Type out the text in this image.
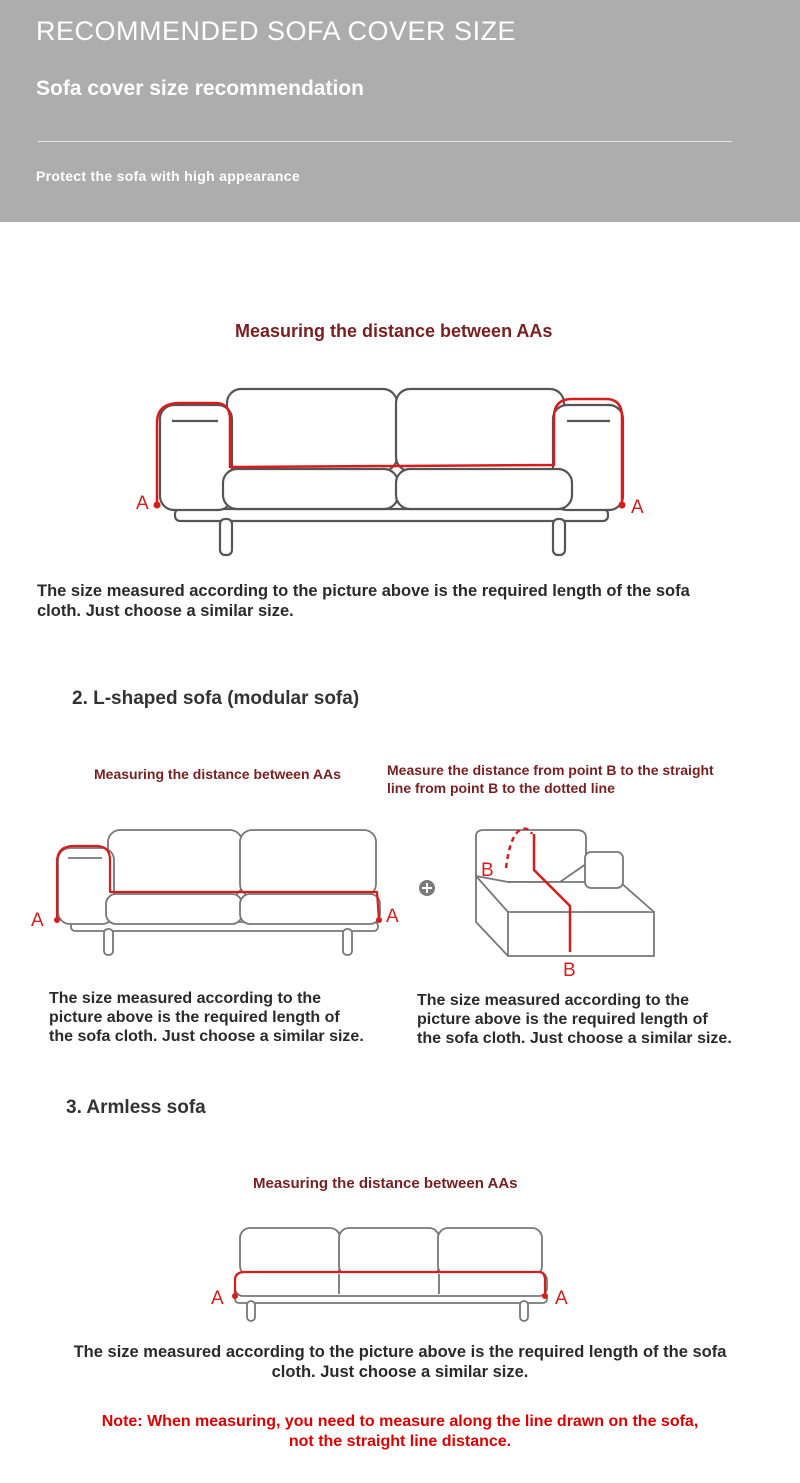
RECOMMENDED SOFA COVER SIZE
Sofa cover size recommendation
Protect the sofa with high appearance
Measuring the distance between AAs
A	A
The size measured according to the picture above is the required length of the sofa
cloth. Just choose a similar size.
2. L-shaped sofa (modular sofa)
Measuring the distance between AAs	Measure the distance from point B to the straight
line from point B to the dotted line
A	A
B
B
The size measured according to the
picture above is the required length of
the sofa cloth. Just choose a similar size.
The size measured according to the
picture above is the required length of
the sofa cloth. Just choose a similar size.
3. Armless sofa
Measuring the distance between AAs
A	A
The size measured according to the picture above is the required length of the sofa
cloth. Just choose a similar size.
Note: When measuring, you need to measure along the line drawn on the sofa,
not the straight line distance.
